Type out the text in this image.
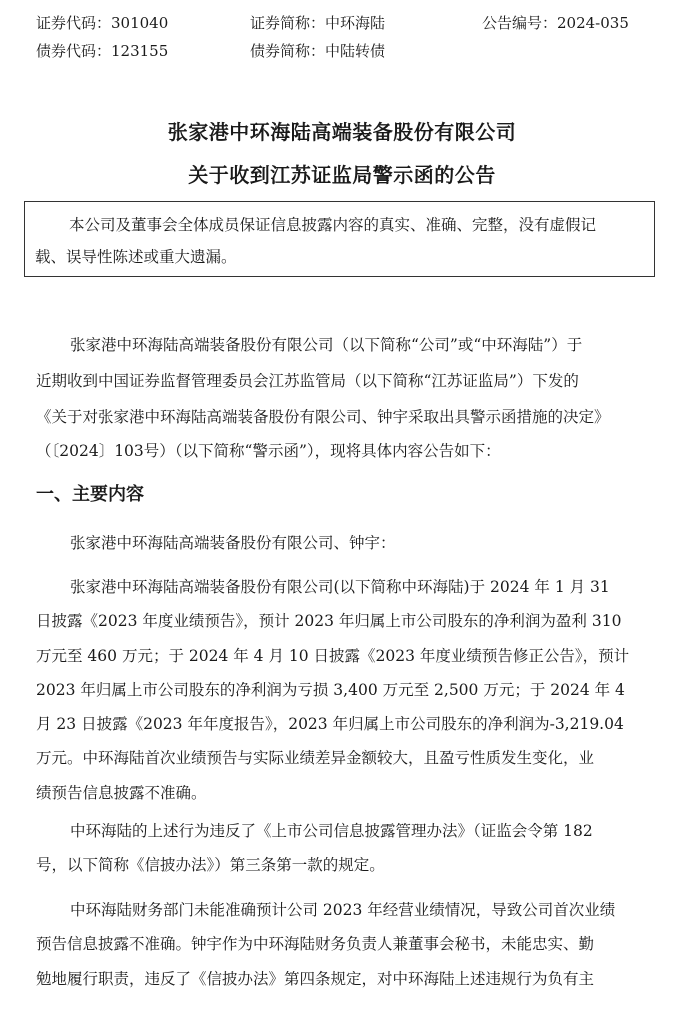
证券代码：301040	证券简称：中环海陆	公告编号：2024-035
债券代码：123155	债券简称：中陆转债
张家港中环海陆高端装备股份有限公司
关于收到江苏证监局警示函的公告
本公司及董事会全体成员保证信息披露内容的真实、准确、完整，没有虚假记
载、误导性陈述或重大遗漏。
张家港中环海陆高端装备股份有限公司（以下简称“公司”或“中环海陆”）于
近期收到中国证券监督管理委员会江苏监管局（以下简称“江苏证监局”）下发的
《关于对张家港中环海陆高端装备股份有限公司、钟宇采取出具警示函措施的决定》
（〔2024〕103号）（以下简称“警示函”），现将具体内容公告如下：
一、主要内容
张家港中环海陆高端装备股份有限公司、钟宇：
张家港中环海陆高端装备股份有限公司(以下简称中环海陆)于 2024 年 1 月 31
日披露《2023 年度业绩预告》，预计 2023 年归属上市公司股东的净利润为盈利 310
万元至 460 万元；于 2024 年 4 月 10 日披露《2023 年度业绩预告修正公告》，预计
2023 年归属上市公司股东的净利润为亏损 3,400 万元至 2,500 万元；于 2024 年 4
月 23 日披露《2023 年年度报告》，2023 年归属上市公司股东的净利润为-3,219.04
万元。中环海陆首次业绩预告与实际业绩差异金额较大，且盈亏性质发生变化，业
绩预告信息披露不准确。
中环海陆的上述行为违反了《上市公司信息披露管理办法》（证监会令第 182
号，以下简称《信披办法》）第三条第一款的规定。
中环海陆财务部门未能准确预计公司 2023 年经营业绩情况，导致公司首次业绩
预告信息披露不准确。钟宇作为中环海陆财务负责人兼董事会秘书，未能忠实、勤
勉地履行职责，违反了《信披办法》第四条规定，对中环海陆上述违规行为负有主
